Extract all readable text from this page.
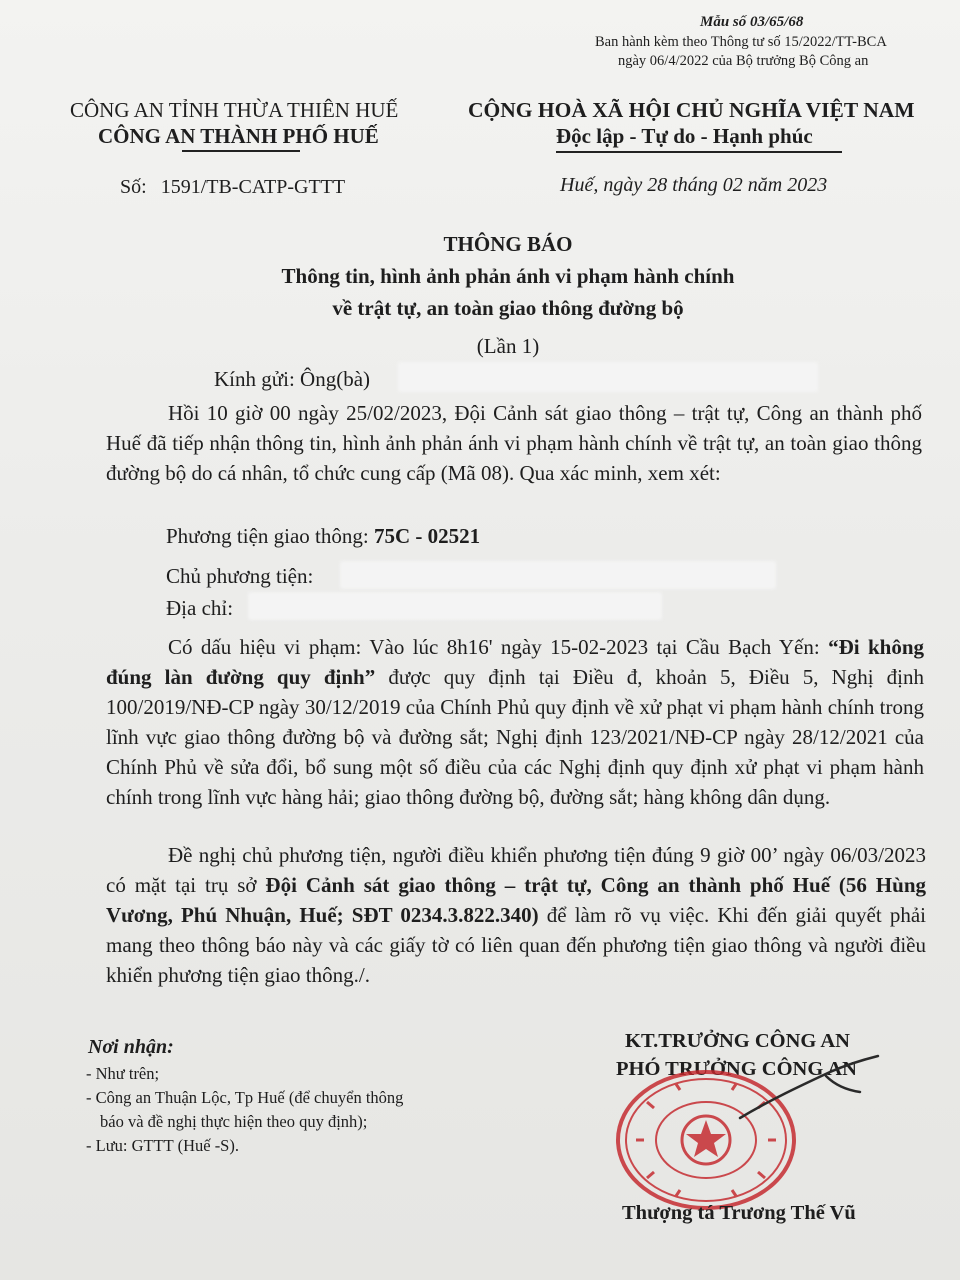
Mẫu số 03/65/68
Ban hành kèm theo Thông tư số 15/2022/TT-BCA
ngày 06/4/2022 của Bộ trưởng Bộ Công an
CÔNG AN TỈNH THỪA THIÊN HUẾ
CÔNG AN THÀNH PHỐ HUẾ
CỘNG HOÀ XÃ HỘI CHỦ NGHĨA VIỆT NAM
Độc lập - Tự do - Hạnh phúc
Số: 1591/TB-CATP-GTTT	Huế, ngày 28 tháng 02 năm 2023
THÔNG BÁO
Thông tin, hình ảnh phản ánh vi phạm hành chính
về trật tự, an toàn giao thông đường bộ
(Lần 1)
Kính gửi: Ông(bà)
Hồi 10 giờ 00 ngày 25/02/2023, Đội Cảnh sát giao thông – trật tự, Công an thành phố Huế đã tiếp nhận thông tin, hình ảnh phản ánh vi phạm hành chính về trật tự, an toàn giao thông đường bộ do cá nhân, tổ chức cung cấp (Mã 08). Qua xác minh, xem xét:
Phương tiện giao thông: 75C - 02521
Chủ phương tiện:
Địa chỉ:
Có dấu hiệu vi phạm: Vào lúc 8h16' ngày 15-02-2023 tại Cầu Bạch Yến: “Đi không đúng làn đường quy định” được quy định tại Điều đ, khoản 5, Điều 5, Nghị định 100/2019/NĐ-CP ngày 30/12/2019 của Chính Phủ quy định về xử phạt vi phạm hành chính trong lĩnh vực giao thông đường bộ và đường sắt; Nghị định 123/2021/NĐ-CP ngày 28/12/2021 của Chính Phủ về sửa đổi, bổ sung một số điều của các Nghị định quy định xử phạt vi phạm hành chính trong lĩnh vực hàng hải; giao thông đường bộ, đường sắt; hàng không dân dụng.
Đề nghị chủ phương tiện, người điều khiển phương tiện đúng 9 giờ 00’ ngày 06/03/2023 có mặt tại trụ sở Đội Cảnh sát giao thông – trật tự, Công an thành phố Huế (56 Hùng Vương, Phú Nhuận, Huế; SĐT 0234.3.822.340) để làm rõ vụ việc. Khi đến giải quyết phải mang theo thông báo này và các giấy tờ có liên quan đến phương tiện giao thông và người điều khiển phương tiện giao thông./.
Nơi nhận:
- Như trên;
- Công an Thuận Lộc, Tp Huế (để chuyển thông
báo và đề nghị thực hiện theo quy định);
- Lưu: GTTT (Huế -S).
KT.TRƯỞNG CÔNG AN
PHÓ TRƯỞNG CÔNG AN
Thượng tá Trương Thế Vũ
